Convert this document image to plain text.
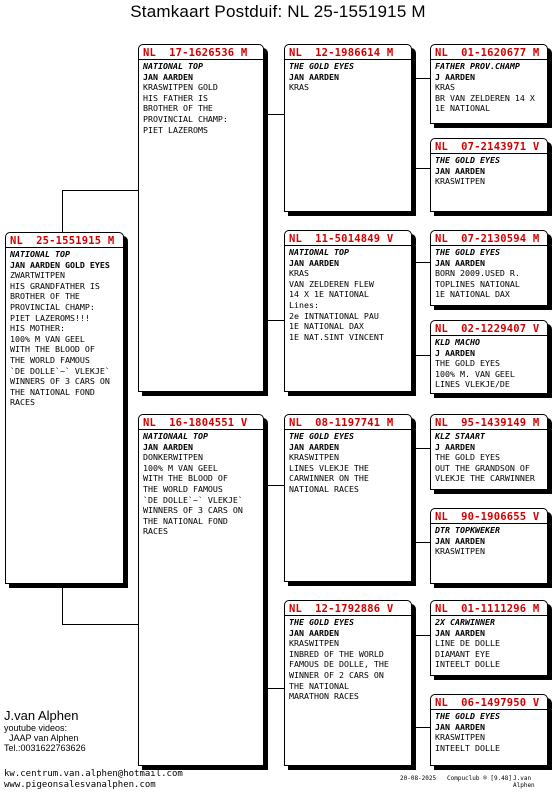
Stamkaart Postduif: NL 25-1551915 M
NL  25-1551915 M
NATIONAL TOP
JAN AARDEN GOLD EYES
ZWARTWITPEN
HIS GRANDFATHER IS
BROTHER OF THE
PROVINCIAL CHAMP:
PIET LAZEROMS!!!
HIS MOTHER:
100% M VAN GEEL
WITH THE BLOOD OF
THE WORLD FAMOUS
`DE DOLLE`~` VLEKJE`
WINNERS OF 3 CARS ON
THE NATIONAL FOND
RACES
NL  17-1626536 M
NATIONAL TOP
JAN AARDEN
KRASWITPEN GOLD
HIS FATHER IS
BROTHER OF THE
PROVINCIAL CHAMP:
PIET LAZEROMS
NL  16-1804551 V
NATIONAAL TOP
JAN AARDEN
DONKERWITPEN
100% M VAN GEEL
WITH THE BLOOD OF
THE WORLD FAMOUS
`DE DOLLE`~` VLEKJE`
WINNERS OF 3 CARS ON
THE NATIONAL FOND
RACES
NL  12-1986614 M
THE GOLD EYES
JAN AARDEN
KRAS
NL  11-5014849 V
NATIONAL TOP
JAN AARDEN
KRAS
VAN ZELDEREN FLEW
14 X 1E NATIONAL
Lines:
2e INTNATIONAL PAU
1E NATIONAL DAX
1E NAT.SINT VINCENT
NL  08-1197741 M
THE GOLD EYES
JAN AARDEN
KRASWITPEN
LINES VLEKJE THE
CARWINNER ON THE
NATIONAL RACES
NL  12-1792886 V
THE GOLD EYES
JAN AARDEN
KRASWITPEN
INBRED OF THE WORLD
FAMOUS DE DOLLE, THE
WINNER OF 2 CARS ON
THE NATIONAL
MARATHON RACES
NL  01-1620677 M
FATHER PROV.CHAMP
J AARDEN
KRAS
BR VAN ZELDEREN 14 X
1E NATIONAL
NL  07-2143971 V
THE GOLD EYES
JAN AARDEN
KRASWITPEN
NL  07-2130594 M
THE GOLD EYES
JAN AARDEN
BORN 2009.USED R.
TOPLINES NATIONAL
1E NATIONAL DAX
NL  02-1229407 V
KLD MACHO
J AARDEN
THE GOLD EYES
100% M. VAN GEEL
LINES VLEKJE/DE
NL  95-1439149 M
KLZ STAART
J AARDEN
THE GOLD EYES
OUT THE GRANDSON OF
VLEKJE THE CARWINNER
NL  90-1906655 V
DTR TOPKWEKER
JAN AARDEN
KRASWITPEN
NL  01-1111296 M
2X CARWINNER
JAN AARDEN
LINE DE DOLLE
DIAMANT EYE
INTEELT DOLLE
NL  06-1497950 V
THE GOLD EYES
JAN AARDEN
KRASWITPEN
INTEELT DOLLE
J.van Alphen
youtube videos:
JAAP van Alphen
Tel.:0031622763626
kw.centrum.van.alphen@hotmail.com
www.pigeonsalesvanalphen.com
20-08-2025 Compuclub ® [9.48] J.van Alphen
